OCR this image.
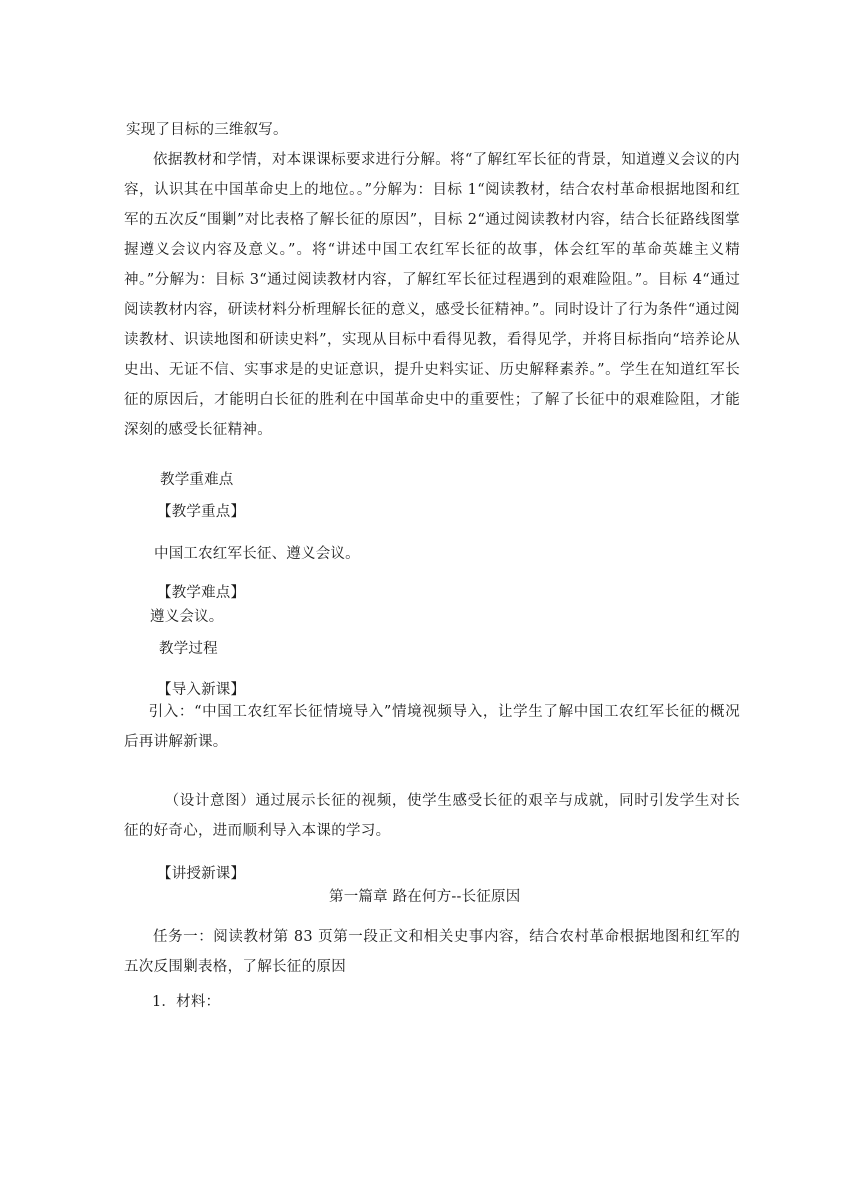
实现了目标的三维叙写。
依据教材和学情，对本课课标要求进行分解。将“了解红军长征的背景，知道遵义会议的内容，认识其在中国革命史上的地位。。”分解为：目标 1“阅读教材，结合农村革命根据地图和红军的五次反“围剿”对比表格了解长征的原因”，目标 2“通过阅读教材内容，结合长征路线图掌握遵义会议内容及意义。”。将“讲述中国工农红军长征的故事，体会红军的革命英雄主义精神。”分解为：目标 3“通过阅读教材内容，了解红军长征过程遇到的艰难险阻。”。目标 4“通过阅读教材内容，研读材料分析理解长征的意义，感受长征精神。”。同时设计了行为条件“通过阅读教材、识读地图和研读史料”，实现从目标中看得见教，看得见学，并将目标指向“培养论从史出、无证不信、实事求是的史证意识，提升史料实证、历史解释素养。”。学生在知道红军长征的原因后，才能明白长征的胜利在中国革命史中的重要性；了解了长征中的艰难险阻，才能深刻的感受长征精神。
教学重难点
【教学重点】
中国工农红军长征、遵义会议。
【教学难点】
遵义会议。
教学过程
【导入新课】
引入：“中国工农红军长征情境导入”情境视频导入，让学生了解中国工农红军长征的概况后再讲解新课。
（设计意图）通过展示长征的视频，使学生感受长征的艰辛与成就，同时引发学生对长征的好奇心，进而顺利导入本课的学习。
【讲授新课】
第一篇章 路在何方--长征原因
任务一：阅读教材第 83 页第一段正文和相关史事内容，结合农村革命根据地图和红军的五次反围剿表格，了解长征的原因
1．材料：
